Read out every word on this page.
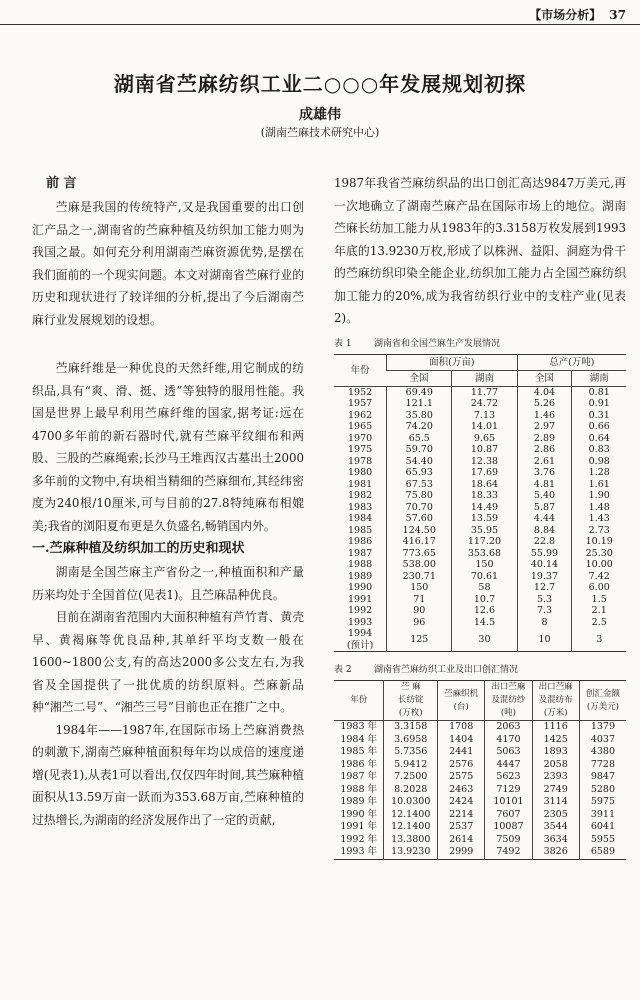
【市场分析】 37
湖南省苎麻纺织工业二○○○年发展规划初探
成雄伟
(湖南苎麻技术研究中心)
前 言

苎麻是我国的传统特产,又是我国重要的出口创汇产品之一,湖南省的苎麻种植及纺织加工能力则为我国之最。如何充分利用湖南苎麻资源优势,是摆在我们面前的一个现实问题。本文对湖南省苎麻行业的历史和现状进行了较详细的分析,提出了今后湖南苎麻行业发展规划的设想。

苎麻纤维是一种优良的天然纤维,用它制成的纺织品,具有“爽、滑、挺、透”等独特的服用性能。我国是世界上最早利用苎麻纤维的国家,据考证:远在4700多年前的新石器时代,就有苎麻平纹细布和两股、三股的苎麻绳索;长沙马王堆西汉古墓出土2000多年前的文物中,有块相当精细的苎麻细布,其经纬密度为240根/10厘米,可与目前的27.8特纯麻布相媲美;我省的浏阳夏布更是久负盛名,畅销国内外。

一.苎麻种植及纺织加工的历史和现状

湖南是全国苎麻主产省份之一,种植面积和产量历来均处于全国首位(见表1)。且苎麻品种优良。

目前在湖南省范围内大面积种植有芦竹青、黄壳早、黄褐麻等优良品种,其单纤平均支数一般在1600~1800公支,有的高达2000多公支左右,为我省及全国提供了一批优质的纺织原料。苎麻新品种“湘苎二号”、“湘苎三号”目前也正在推广之中。

1984年——1987年,在国际市场上苎麻消费热的刺激下,湖南苎麻种植面积每年均以成倍的速度递增(见表1),从表1可以看出,仅仅四年时间,其苎麻种植面积从13.59万亩一跃而为353.68万亩,苎麻种植的过热增长,为湖南的经济发展作出了一定的贡献,

1987年我省苎麻纺织品的出口创汇高达9847万美元,再一次地确立了湖南苎麻产品在国际市场上的地位。湖南苎麻长纺加工能力从1983年的3.3158万枚发展到1993年底的13.9230万枚,形成了以株洲、益阳、洞庭为骨干的苎麻纺织印染全能企业,纺织加工能力占全国苎麻纺织加工能力的20%,成为我省纺织行业中的支柱产业(见表2)。

表 1 湖南省和全国苎麻生产发展情况
年份	面积(万亩)		总产(万吨)	
	全国	湖南	全国	湖南
1952	69.49	11.77	4.04	0.81
1957	121.1	24.72	5.26	0.91
1962	35.80	7.13	1.46	0.31
1965	74.20	14.01	2.97	0.66
1970	65.5	9.65	2.89	0.64
1975	59.70	10.87	2.86	0.83
1978	54.40	12.38	2.61	0.98
1980	65.93	17.69	3.76	1.28
1981	67.53	18.64	4.81	1.61
1982	75.80	18.33	5.40	1.90
1983	70.70	14.49	5.87	1.48
1984	57.60	13.59	4.44	1.43
1985	124.50	35.95	8.84	2.73
1986	416.17	117.20	22.8	10.19
1987	773.65	353.68	55.99	25.30
1988	538.00	150	40.14	10.00
1989	230.71	70.61	19.37	7.42
1990	150	58	12.7	6.00
1991	71	10.7	5.3	1.5
1992	90	12.6	7.3	2.1
1993	96	14.5	8	2.5
1994
(预计)	125	30	10	3
表 2 湖南省苎麻纺织工业及出口创汇情况
年份	苎 麻
长纺锭
(万枚)	苎麻织机
(台)	出口苎麻
及混纺纱
(吨)	出口苎麻
及混纺布
(万米)	创汇金额
(万美元)
1983 年	3.3158	1708	2063	1116	1379
1984 年	3.6958	1404	4170	1425	4037
1985 年	5.7356	2441	5063	1893	4380
1986 年	5.9412	2576	4447	2058	7728
1987 年	7.2500	2575	5623	2393	9847
1988 年	8.2028	2463	7129	2749	5280
1989 年	10.0300	2424	10101	3114	5975
1990 年	12.1400	2214	7607	2305	3911
1991 年	12.1400	2537	10087	3544	6041
1992 年	13.3800	2614	7509	3634	5955
1993 年	13.9230	2999	7492	3826	6589
